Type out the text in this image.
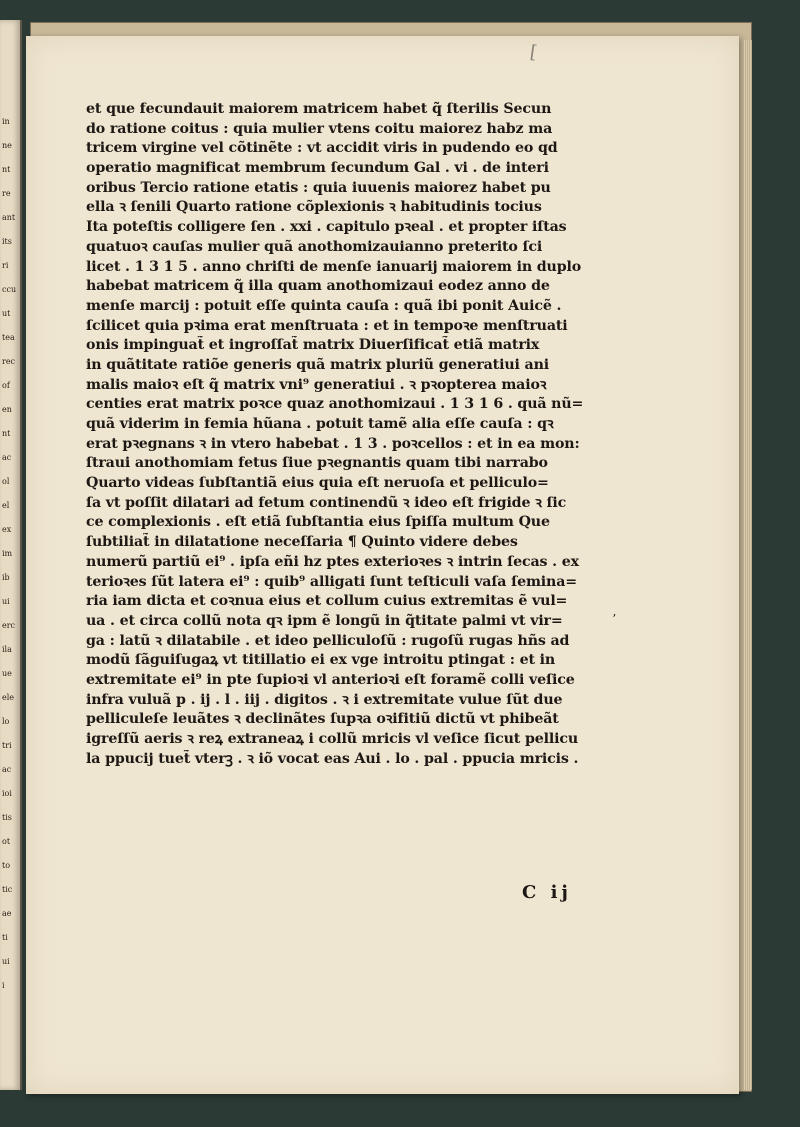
in
ne
nt
re
ant
its
ri
ccu
ut
tea
rec
of
en
nt
ac
ol
el
ex
im
ib
ui
erc
ila
ue
ele
lo
tri
ac
ioi
tis
ot
to
tic
ae
ti
ui
i
[
et que fecundauit maiorem matricem habet q̃ ſterilis Secun
do ratione coitus : quia mulier vtens coitu maiorez habz ma
tricem virgine vel cõtinẽte : vt accidit viris in pudendo eo qd
operatio magnificat membrum ſecundum Gal . vi . de interi
oribus Tercio ratione etatis : quia iuuenis maiorez habet pu
ella ꝛ ſenili Quarto ratione cõplexionis ꝛ habitudinis tocius
Ita poteſtis colligere ſen . xxi . capitulo pꝛeal . et propter iſtas
quatuoꝛ cauſas mulier quã anothomizauianno preterito ſci
licet . 1 3 1 5 . anno chriſti de menſe ianuarij maiorem in duplo
habebat matricem q̃ illa quam anothomizaui eodez anno de
menſe marcij : potuit eſſe quinta cauſa : quã ibi ponit Auicẽ .
ſcilicet quia pꝛima erat menſtruata : et in tempoꝛe menſtruati
onis impinguat̃ et ingroſſat̃ matrix Diuerſificat̃ etiã matrix
in quãtitate ratiõe generis quã matrix pluriũ generatiui ani
malis maioꝛ eſt q̃ matrix vni⁹ generatiui . ꝛ pꝛopterea maioꝛ
centies erat matrix poꝛce quaz anothomizaui . 1 3 1 6 . quã nũ=
quã viderim in femia hũana . potuit tamẽ alia eſſe cauſa : qꝛ
erat pꝛegnans ꝛ in vtero habebat . 1 3 . poꝛcellos : et in ea mon:
ſtraui anothomiam fetus ſiue pꝛegnantis quam tibi narrabo
Quarto videas ſubſtantiã eius quia eſt neruoſa et pelliculo=
ſa vt poſſit dilatari ad fetum continendũ ꝛ ideo eſt frigide ꝛ ſic
ce complexionis . eſt etiã ſubſtantia eius ſpiſſa multum Que
ſubtiliat̃ in dilatatione neceſſaria ¶ Quinto videre debes
numerũ partiũ ei⁹ . ipſa eñi hz ptes exterioꝛes ꝛ intrin ſecas . ex
terioꝛes ſũt latera ei⁹ : quib⁹ alligati ſunt teſticuli vaſa ſemina=
ria iam dicta et coꝛnua eius et collum cuius extremitas ẽ vul=
ua . et circa collũ nota qꝛ ipm ẽ longũ in q̃titate palmi vt vir=
ga : latũ ꝛ dilatabile . et ideo pelliculoſũ : rugoſũ rugas hñs ad
modũ ſãguiſugaꝝ vt titillatio ei ex vge introitu ptingat : et in
extremitate ei⁹ in pte ſupioꝛi vl anterioꝛi eſt foramẽ colli veſice
infra vuluã p . ij . l . iij . digitos . ꝛ i extremitate vulue ſũt due
pelliculeſe leuãtes ꝛ declinãtes ſupꝛa oꝛifitiũ dictũ vt phibeãt
igreſſũ aeris ꝛ reꝝ extraneaꝝ i collũ mricis vl veſice ſicut pellicu
la ppucij tuet̃ vterꝫ . ꝛ iõ vocat eas Aui . lo . pal . ppucia mricis .
ʼ
C ij
